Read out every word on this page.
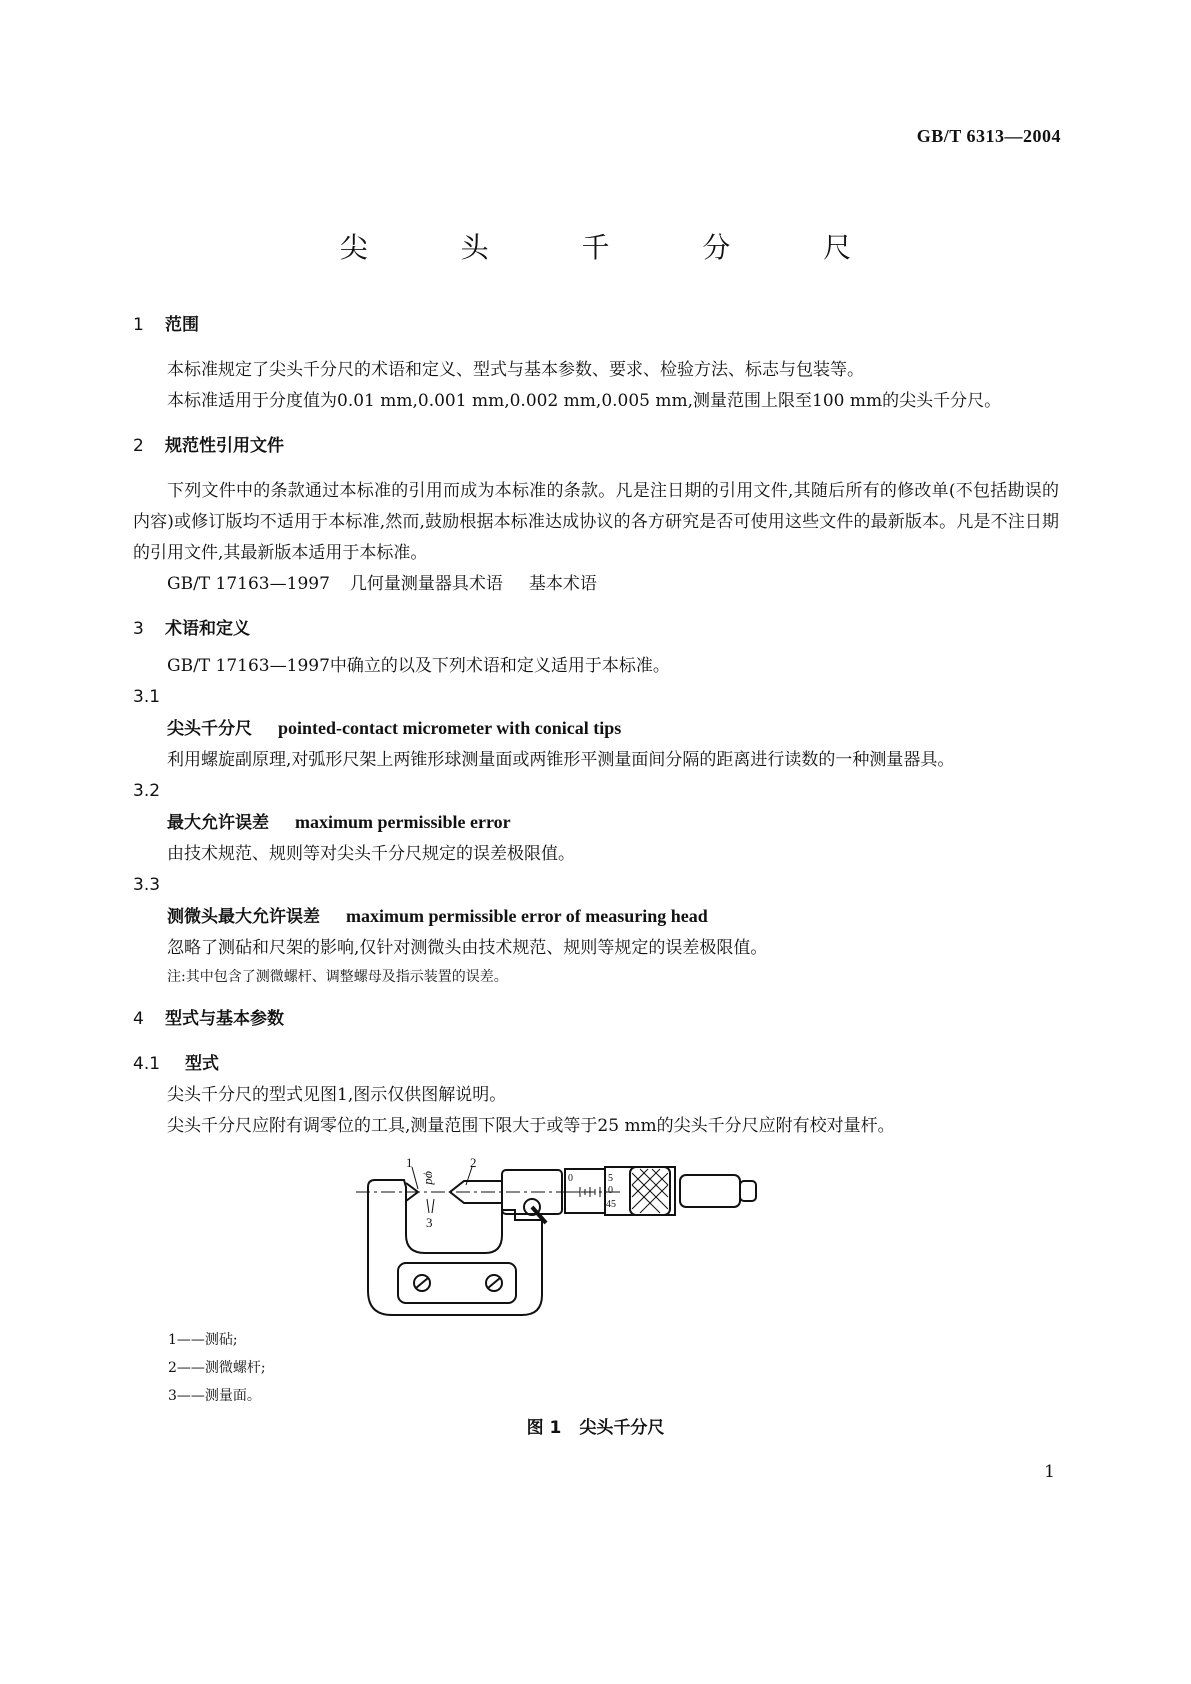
GB/T 6313—2004
尖 头 千 分 尺
1 范围

本标准规定了尖头千分尺的术语和定义、型式与基本参数、要求、检验方法、标志与包装等。

本标准适用于分度值为0.01 mm,0.001 mm,0.002 mm,0.005 mm,测量范围上限至100 mm的尖头千分尺。

2 规范性引用文件

下列文件中的条款通过本标准的引用而成为本标准的条款。凡是注日期的引用文件,其随后所有的修改单(不包括勘误的内容)或修订版均不适用于本标准,然而,鼓励根据本标准达成协议的各方研究是否可使用这些文件的最新版本。凡是不注日期的引用文件,其最新版本适用于本标准。

GB/T 17163—1997 几何量测量器具术语 基本术语

3 术语和定义

GB/T 17163—1997中确立的以及下列术语和定义适用于本标准。

3.1

尖头千分尺 pointed-contact micrometer with conical tips

利用螺旋副原理,对弧形尺架上两锥形球测量面或两锥形平测量面间分隔的距离进行读数的一种测量器具。

3.2

最大允许误差 maximum permissible error

由技术规范、规则等对尖头千分尺规定的误差极限值。

3.3

测微头最大允许误差 maximum permissible error of measuring head

忽略了测砧和尺架的影响,仅针对测微头由技术规范、规则等规定的误差极限值。

注:其中包含了测微螺杆、调整螺母及指示装置的误差。

4 型式与基本参数
4.1 型式

尖头千分尺的型式见图1,图示仅供图解说明。

尖头千分尺应附有调零位的工具,测量范围下限大于或等于25 mm的尖头千分尺应附有校对量杆。

1	2
3
φd	0	5
0
45
1——测砧;
2——测微螺杆;
3——测量面。
图 1 尖头千分尺
1
